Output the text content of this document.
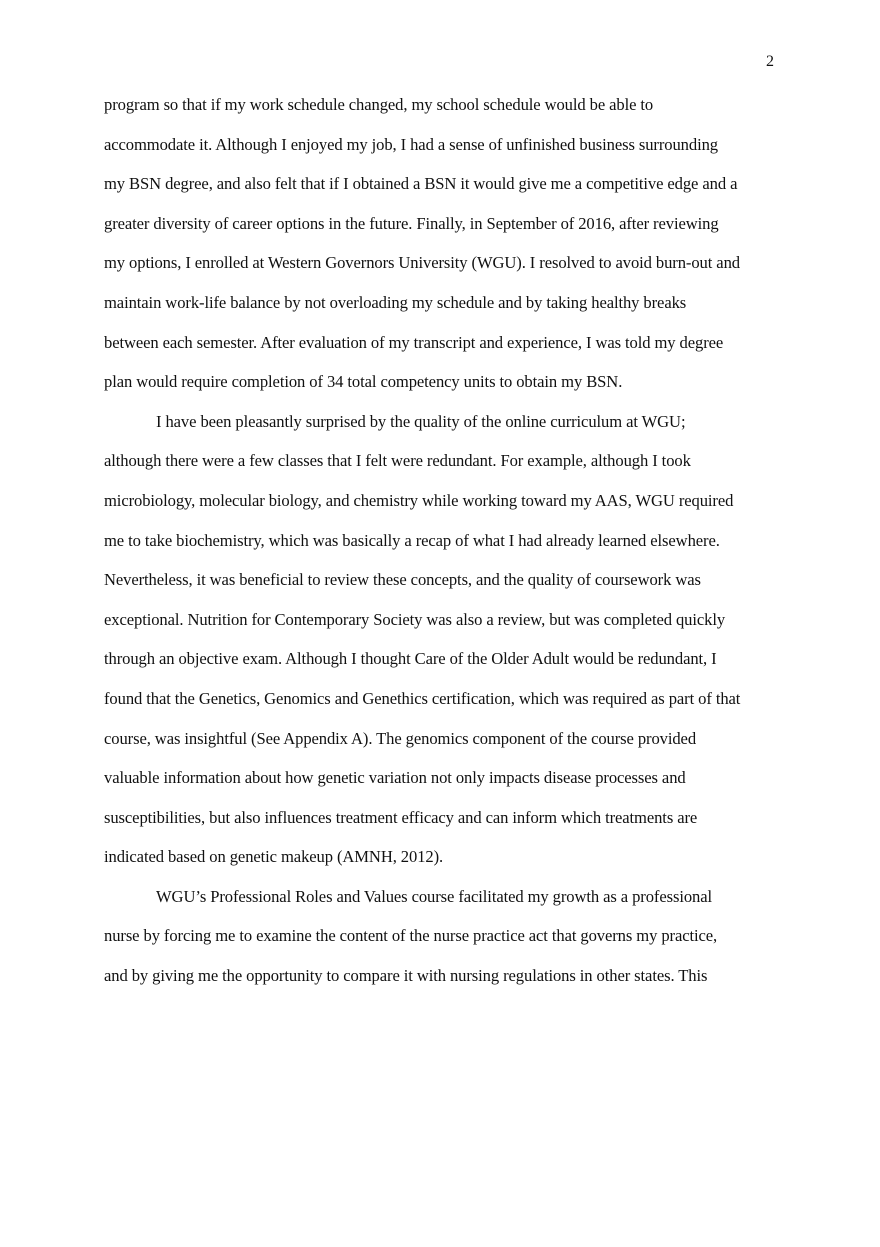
2
program so that if my work schedule changed, my school schedule would be able to
accommodate it. Although I enjoyed my job, I had a sense of unfinished business surrounding
my BSN degree, and also felt that if I obtained a BSN it would give me a competitive edge and a
greater diversity of career options in the future. Finally, in September of 2016, after reviewing
my options, I enrolled at Western Governors University (WGU). I resolved to avoid burn-out and
maintain work-life balance by not overloading my schedule and by taking healthy breaks
between each semester. After evaluation of my transcript and experience, I was told my degree
plan would require completion of 34 total competency units to obtain my BSN.
I have been pleasantly surprised by the quality of the online curriculum at WGU;
although there were a few classes that I felt were redundant. For example, although I took
microbiology, molecular biology, and chemistry while working toward my AAS, WGU required
me to take biochemistry, which was basically a recap of what I had already learned elsewhere.
Nevertheless, it was beneficial to review these concepts, and the quality of coursework was
exceptional. Nutrition for Contemporary Society was also a review, but was completed quickly
through an objective exam. Although I thought Care of the Older Adult would be redundant, I
found that the Genetics, Genomics and Genethics certification, which was required as part of that
course, was insightful (See Appendix A). The genomics component of the course provided
valuable information about how genetic variation not only impacts disease processes and
susceptibilities, but also influences treatment efficacy and can inform which treatments are
indicated based on genetic makeup (AMNH, 2012).
WGU’s Professional Roles and Values course facilitated my growth as a professional
nurse by forcing me to examine the content of the nurse practice act that governs my practice,
and by giving me the opportunity to compare it with nursing regulations in other states. This
